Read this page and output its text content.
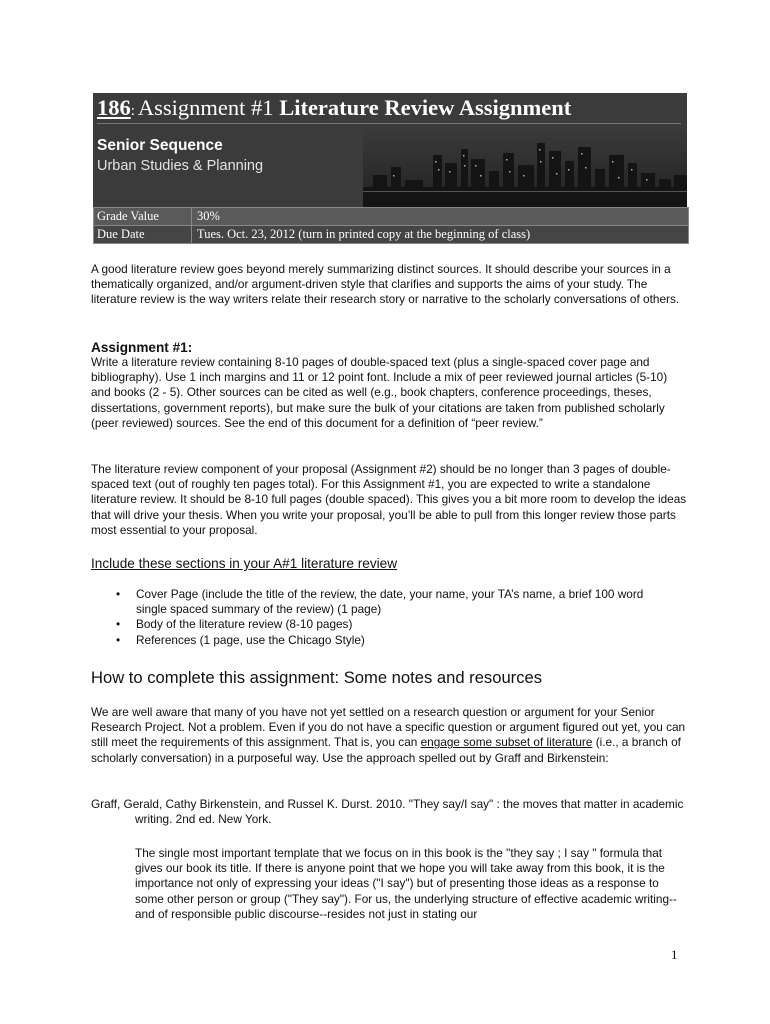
186: Assignment #1 Literature Review Assignment
Senior Sequence
Urban Studies & Planning
Grade Value	30%
Due Date	Tues. Oct. 23, 2012 (turn in printed copy at the beginning of class)

A good literature review goes beyond merely summarizing distinct sources. It should describe your sources in a thematically organized, and/or argument-driven style that clarifies and supports the aims of your study. The literature review is the way writers relate their research story or narrative to the scholarly conversations of others.

Assignment #1:

Write a literature review containing 8-10 pages of double-spaced text (plus a single-spaced cover page and bibliography). Use 1 inch margins and 11 or 12 point font. Include a mix of peer reviewed journal articles (5-10) and books (2 - 5). Other sources can be cited as well (e.g., book chapters, conference proceedings, theses, dissertations, government reports), but make sure the bulk of your citations are taken from published scholarly (peer reviewed) sources. See the end of this document for a definition of “peer review.”

The literature review component of your proposal (Assignment #2) should be no longer than 3 pages of double-spaced text (out of roughly ten pages total). For this Assignment #1, you are expected to write a standalone literature review. It should be 8-10 full pages (double spaced). This gives you a bit more room to develop the ideas that will drive your thesis. When you write your proposal, you’ll be able to pull from this longer review those parts most essential to your proposal.

Include these sections in your A#1 literature review
• Cover Page (include the title of the review, the date, your name, your TA’s name, a brief 100 word single spaced summary of the review) (1 page)
• Body of the literature review (8-10 pages)
• References (1 page, use the Chicago Style)
How to complete this assignment: Some notes and resources

We are well aware that many of you have not yet settled on a research question or argument for your Senior Research Project. Not a problem. Even if you do not have a specific question or argument figured out yet, you can still meet the requirements of this assignment. That is, you can engage some subset of literature (i.e., a branch of scholarly conversation) in a purposeful way. Use the approach spelled out by Graff and Birkenstein:

Graff, Gerald, Cathy Birkenstein, and Russel K. Durst. 2010. "They say/I say" : the moves that matter in academic writing. 2nd ed. New York.

The single most important template that we focus on in this book is the "they say ; I say " formula that gives our book its title. If there is anyone point that we hope you will take away from this book, it is the importance not only of expressing your ideas ("I say") but of presenting those ideas as a response to some other person or group ("They say"). For us, the underlying structure of effective academic writing--and of responsible public discourse--resides not just in stating our

1
